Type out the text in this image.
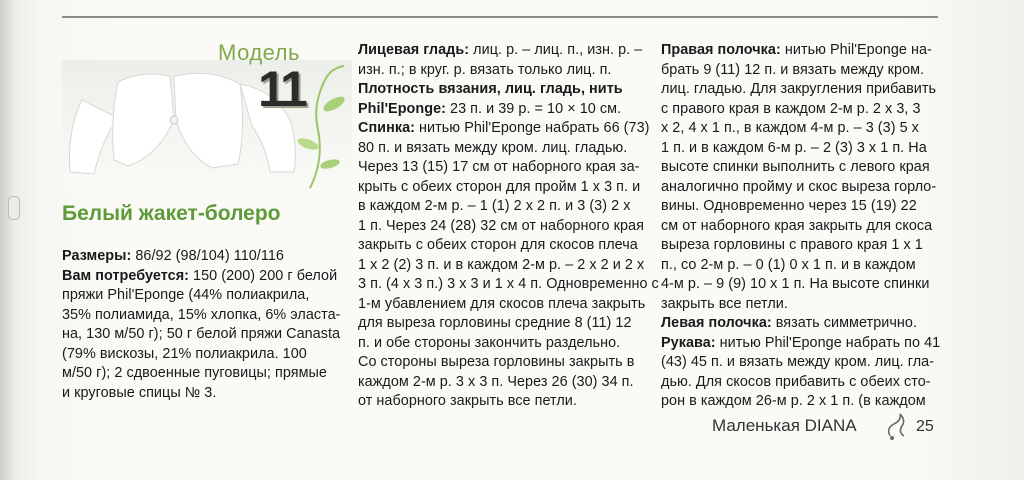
Модель
11
Белый жакет-болеро
Размеры: 86/92 (98/104) 110/116
Вам потребуется: 150 (200) 200 г белой
пряжи Phil'Eponge (44% полиакрила,
35% полиамида, 15% хлопка, 6% эласта-
на, 130 м/50 г); 50 г белой пряжи Canasta
(79% вискозы, 21% полиакрила. 100
м/50 г); 2 сдвоенные пуговицы; прямые
и круговые спицы № 3.
Лицевая гладь: лиц. р. – лиц. п., изн. р. –
изн. п.; в круг. р. вязать только лиц. п.
Плотность вязания, лиц. гладь, нить
Phil'Eponge: 23 п. и 39 р. = 10 × 10 см.
Спинка: нитью Phil'Eponge набрать 66 (73)
80 п. и вязать между кром. лиц. гладью.
Через 13 (15) 17 см от наборного края за-
крыть с обеих сторон для пройм 1 х 3 п. и
в каждом 2-м р. – 1 (1) 2 х 2 п. и 3 (3) 2 х
1 п. Через 24 (28) 32 см от наборного края
закрыть с обеих сторон для скосов плеча
1 х 2 (2) 3 п. и в каждом 2-м р. – 2 х 2 и 2 х
3 п. (4 х 3 п.) 3 х 3 и 1 х 4 п. Одновременно с
1-м убавлением для скосов плеча закрыть
для выреза горловины средние 8 (11) 12
п. и обе стороны закончить раздельно.
Со стороны выреза горловины закрыть в
каждом 2-м р. 3 х 3 п. Через 26 (30) 34 п.
от наборного закрыть все петли.
Правая полочка: нитью Phil'Eponge на-
брать 9 (11) 12 п. и вязать между кром.
лиц. гладью. Для закругления прибавить
с правого края в каждом 2-м р. 2 х 3, 3
х 2, 4 х 1 п., в каждом 4-м р. – 3 (3) 5 х
1 п. и в каждом 6-м р. – 2 (3) 3 х 1 п. На
высоте спинки выполнить с левого края
аналогично пройму и скос выреза горло-
вины. Одновременно через 15 (19) 22
см от наборного края закрыть для скоса
выреза горловины с правого края 1 х 1
п., со 2-м р. – 0 (1) 0 х 1 п. и в каждом
4-м р. – 9 (9) 10 х 1 п. На высоте спинки
закрыть все петли.
Левая полочка: вязать симметрично.
Рукава: нитью Phil'Eponge набрать по 41
(43) 45 п. и вязать между кром. лиц. гла-
дью. Для скосов прибавить с обеих сто-
рон в каждом 26-м р. 2 х 1 п. (в каждом
Маленькая DIANA	25
